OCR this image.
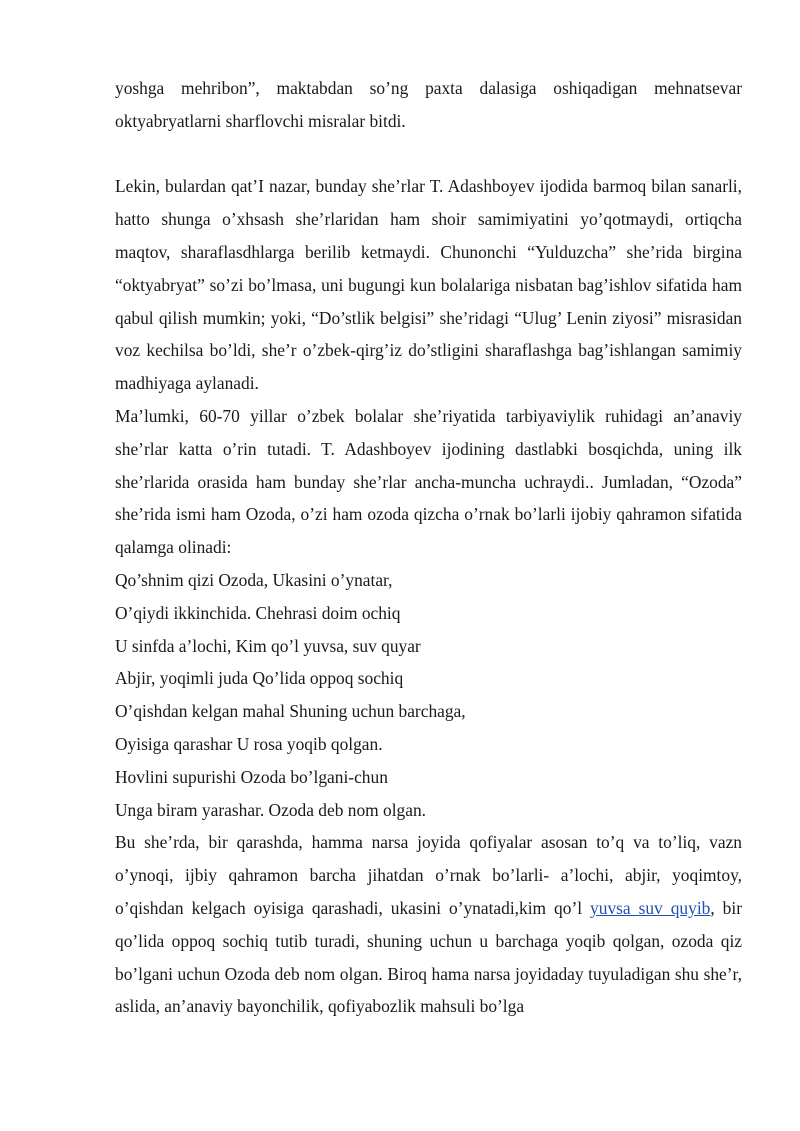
yoshga mehribon”, maktabdan so’ng paxta dalasiga oshiqadigan mehnatsevar oktyabryatlarni sharflovchi misralar bitdi.

Lekin, bulardan qat’I nazar, bunday she’rlar T. Adashboyev ijodida barmoq bilan sanarli, hatto shunga o’xhsash she’rlaridan ham shoir samimiyatini yo’qotmaydi, ortiqcha maqtov, sharaflasdhlarga berilib ketmaydi. Chunonchi “Yulduzcha” she’rida birgina “oktyabryat” so’zi bo’lmasa, uni bugungi kun bolalariga nisbatan bag’ishlov sifatida ham qabul qilish mumkin; yoki, “Do’stlik belgisi” she’ridagi “Ulug’ Lenin ziyosi” misrasidan voz kechilsa bo’ldi, she’r o’zbek-qirg’iz do’stligini sharaflashga bag’ishlangan samimiy madhiyaga aylanadi.

Ma’lumki, 60-70 yillar o’zbek bolalar she’riyatida tarbiyaviylik ruhidagi an’anaviy she’rlar katta o’rin tutadi. T. Adashboyev ijodining dastlabki bosqichda, uning ilk she’rlarida orasida ham bunday she’rlar ancha-muncha uchraydi.. Jumladan, “Ozoda” she’rida ismi ham Ozoda, o’zi ham ozoda qizcha o’rnak bo’larli ijobiy qahramon sifatida qalamga olinadi:

Qo’shnim qizi Ozoda, Ukasini o’ynatar,

O’qiydi ikkinchida. Chehrasi doim ochiq

U sinfda a’lochi, Kim qo’l yuvsa, suv quyar

Abjir, yoqimli juda Qo’lida oppoq sochiq

O’qishdan kelgan mahal Shuning uchun barchaga,

Oyisiga qarashar U rosa yoqib qolgan.

Hovlini supurishi Ozoda bo’lgani-chun

Unga biram yarashar. Ozoda deb nom olgan.

Bu she’rda, bir qarashda, hamma narsa joyida qofiyalar asosan to’q va to’liq, vazn o’ynoqi, ijbiy qahramon barcha jihatdan o’rnak bo’larli- a’lochi, abjir, yoqimtoy, o’qishdan kelgach oyisiga qarashadi, ukasini o’ynatadi,kim qo’l yuvsa suv quyib, bir qo’lida oppoq sochiq tutib turadi, shuning uchun u barchaga yoqib qolgan, ozoda qiz bo’lgani uchun Ozoda deb nom olgan. Biroq hama narsa joyidaday tuyuladigan shu she’r, aslida, an’anaviy bayonchilik, qofiyabozlik mahsuli bo’lga
